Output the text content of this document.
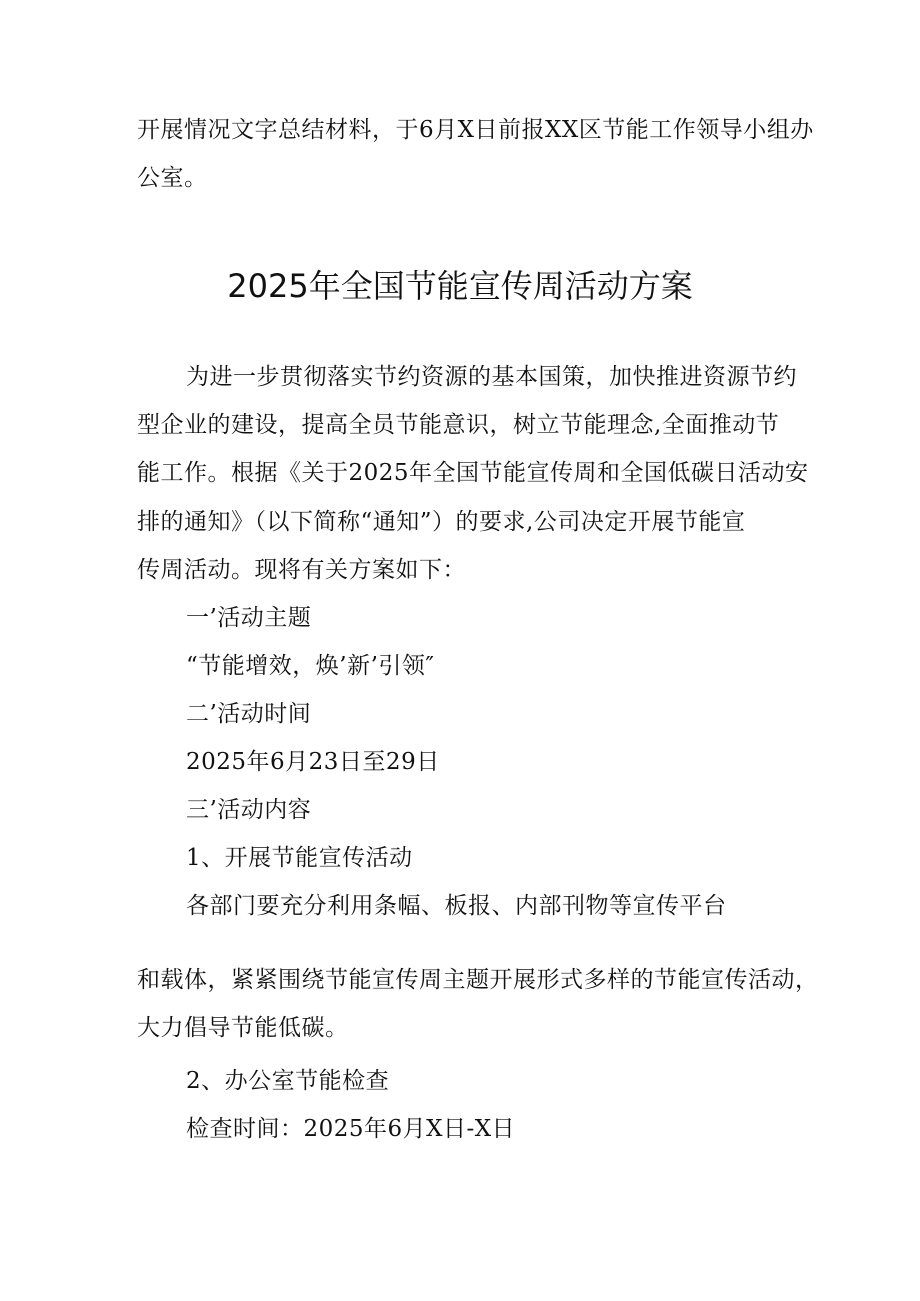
开展情况文字总结材料，于6月X日前报XX区节能工作领导小组办
公室。
2025年全国节能宣传周活动方案
为进一步贯彻落实节约资源的基本国策，加快推进资源节约
型企业的建设，提高全员节能意识，树立节能理念,全面推动节
能工作。根据《关于2025年全国节能宣传周和全国低碳日活动安
排的通知》（以下简称“通知”）的要求,公司决定开展节能宣
传周活动。现将有关方案如下：
一’活动主题
“节能增效，焕’新’引领″
二’活动时间
2025年6月23日至29日
三’活动内容
1、开展节能宣传活动
各部门要充分利用条幅、板报、内部刊物等宣传平台
和载体，紧紧围绕节能宣传周主题开展形式多样的节能宣传活动，
大力倡导节能低碳。
2、办公室节能检查
检查时间：2025年6月X日-X日
